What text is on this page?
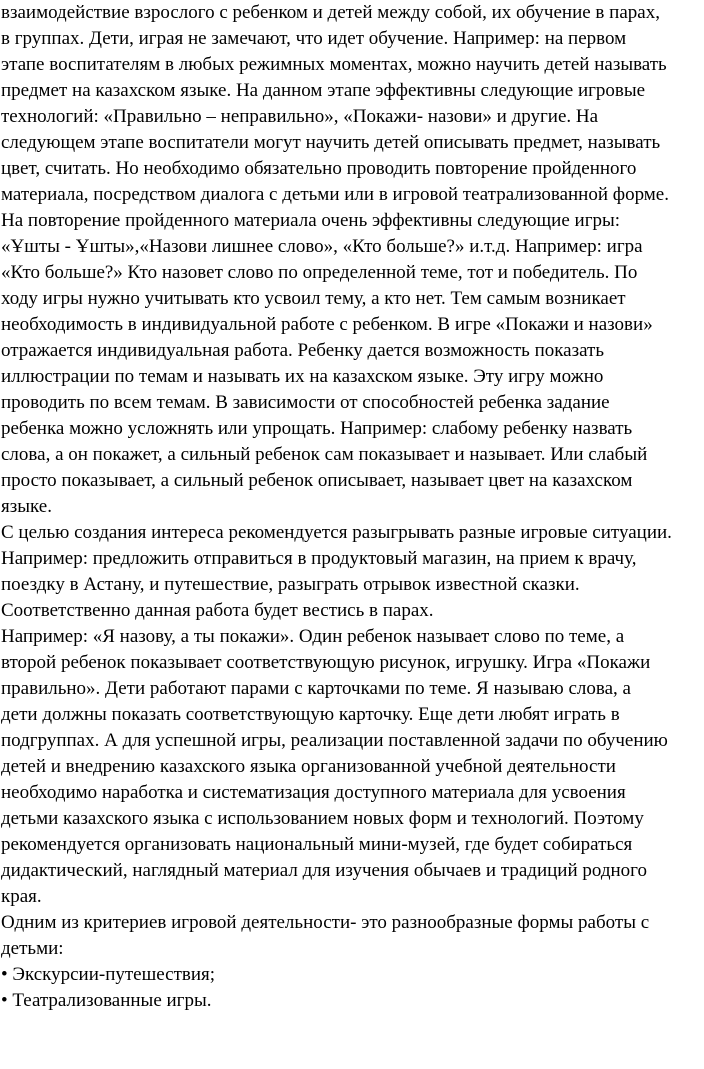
взаимодействие взрослого с ребенком и детей между собой, их обучение в парах,
в группах. Дети, играя не замечают, что идет обучение. Например: на первом
этапе воспитателям в любых режимных моментах, можно научить детей называть
предмет на казахском языке. На данном этапе эффективны следующие игровые
технологий: «Правильно – неправильно», «Покажи- назови» и другие. На
следующем этапе воспитатели могут научить детей описывать предмет, называть
цвет, считать. Но необходимо обязательно проводить повторение пройденного
материала, посредством диалога с детьми или в игровой театрализованной форме.
На повторение пройденного материала очень эффективны следующие игры:
«Ұшты - Ұшты»,«Назови лишнее слово», «Кто больше?» и.т.д. Например: игра
«Кто больше?» Кто назовет слово по определенной теме, тот и победитель. По
ходу игры нужно учитывать кто усвоил тему, а кто нет. Тем самым возникает
необходимость в индивидуальной работе с ребенком. В игре «Покажи и назови»
отражается индивидуальная работа. Ребенку дается возможность показать
иллюстрации по темам и называть их на казахском языке. Эту игру можно
проводить по всем темам. В зависимости от способностей ребенка задание
ребенка можно усложнять или упрощать. Например: слабому ребенку назвать
слова, а он покажет, а сильный ребенок сам показывает и называет. Или слабый
просто показывает, а сильный ребенок описывает, называет цвет на казахском
языке.
С целью создания интереса рекомендуется разыгрывать разные игровые ситуации.
Например: предложить отправиться в продуктовый магазин, на прием к врачу,
поездку в Астану, и путешествие, разыграть отрывок известной сказки.
Соответственно данная работа будет вестись в парах.
Например: «Я назову, а ты покажи». Один ребенок называет слово по теме, а
второй ребенок показывает соответствующую рисунок, игрушку. Игра «Покажи
правильно». Дети работают парами с карточками по теме. Я называю слова, а
дети должны показать соответствующую карточку. Еще дети любят играть в
подгруппах. А для успешной игры, реализации поставленной задачи по обучению
детей и внедрению казахского языка организованной учебной деятельности
необходимо наработка и систематизация доступного материала для усвоения
детьми казахского языка с использованием новых форм и технологий. Поэтому
рекомендуется организовать национальный мини-музей, где будет собираться
дидактический, наглядный материал для изучения обычаев и традиций родного
края.
Одним из критериев игровой деятельности- это разнообразные формы работы с
детьми:
• Экскурсии-путешествия;
• Театрализованные игры.
